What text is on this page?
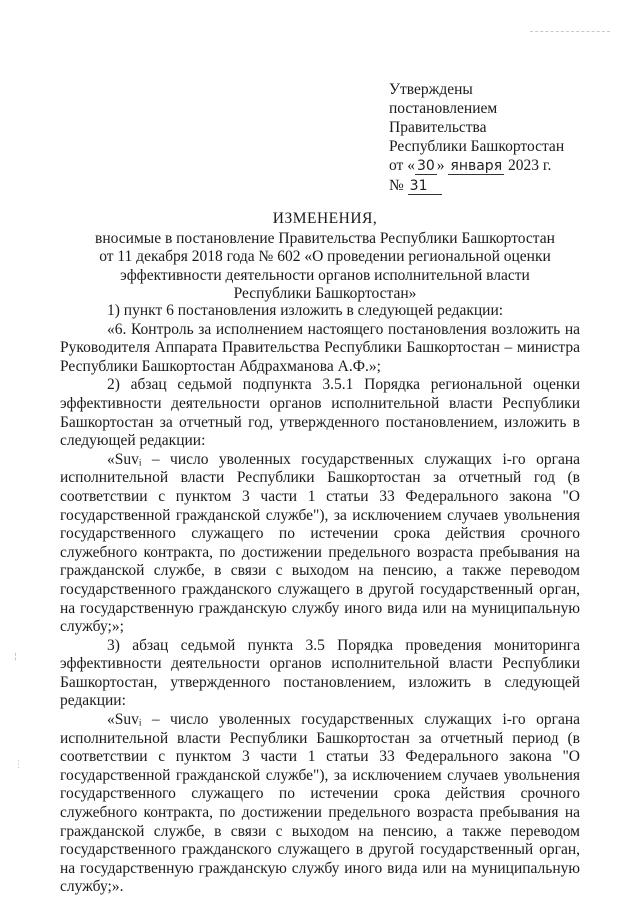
¦
⋮
Утверждены
постановлением
Правительства
Республики Башкортостан
от « 30 » января 2023 г.
№ 31
ИЗМЕНЕНИЯ,
вносимые в постановление Правительства Республики Башкортостан
от 11 декабря 2018 года № 602 «О проведении региональной оценки
эффективности деятельности органов исполнительной власти
Республики Башкортостан»

1) пункт 6 постановления изложить в следующей редакции:

«6. Контроль за исполнением настоящего постановления возложить на Руководителя Аппарата Правительства Республики Башкортостан – министра Республики Башкортостан Абдрахманова А.Ф.»;

2) абзац седьмой подпункта 3.5.1 Порядка региональной оценки эффективности деятельности органов исполнительной власти Республики Башкортостан за отчетный год, утвержденного постановлением, изложить в следующей редакции:

«Suvᵢ – число уволенных государственных служащих i-го органа исполнительной власти Республики Башкортостан за отчетный год (в соответствии с пунктом 3 части 1 статьи 33 Федерального закона "О государственной гражданской службе"), за исключением случаев увольнения государственного служащего по истечении срока действия срочного служебного контракта, по достижении предельного возраста пребывания на гражданской службе, в связи с выходом на пенсию, а также переводом государственного гражданского служащего в другой государственный орган, на государственную гражданскую службу иного вида или на муниципальную службу;»;

3) абзац седьмой пункта 3.5 Порядка проведения мониторинга эффективности деятельности органов исполнительной власти Республики Башкортостан, утвержденного постановлением, изложить в следующей редакции:

«Suvᵢ – число уволенных государственных служащих i-го органа исполнительной власти Республики Башкортостан за отчетный период (в соответствии с пунктом 3 части 1 статьи 33 Федерального закона "О государственной гражданской службе"), за исключением случаев увольнения государственного служащего по истечении срока действия срочного служебного контракта, по достижении предельного возраста пребывания на гражданской службе, в связи с выходом на пенсию, а также переводом государственного гражданского служащего в другой государственный орган, на государственную гражданскую службу иного вида или на муниципальную службу;».
